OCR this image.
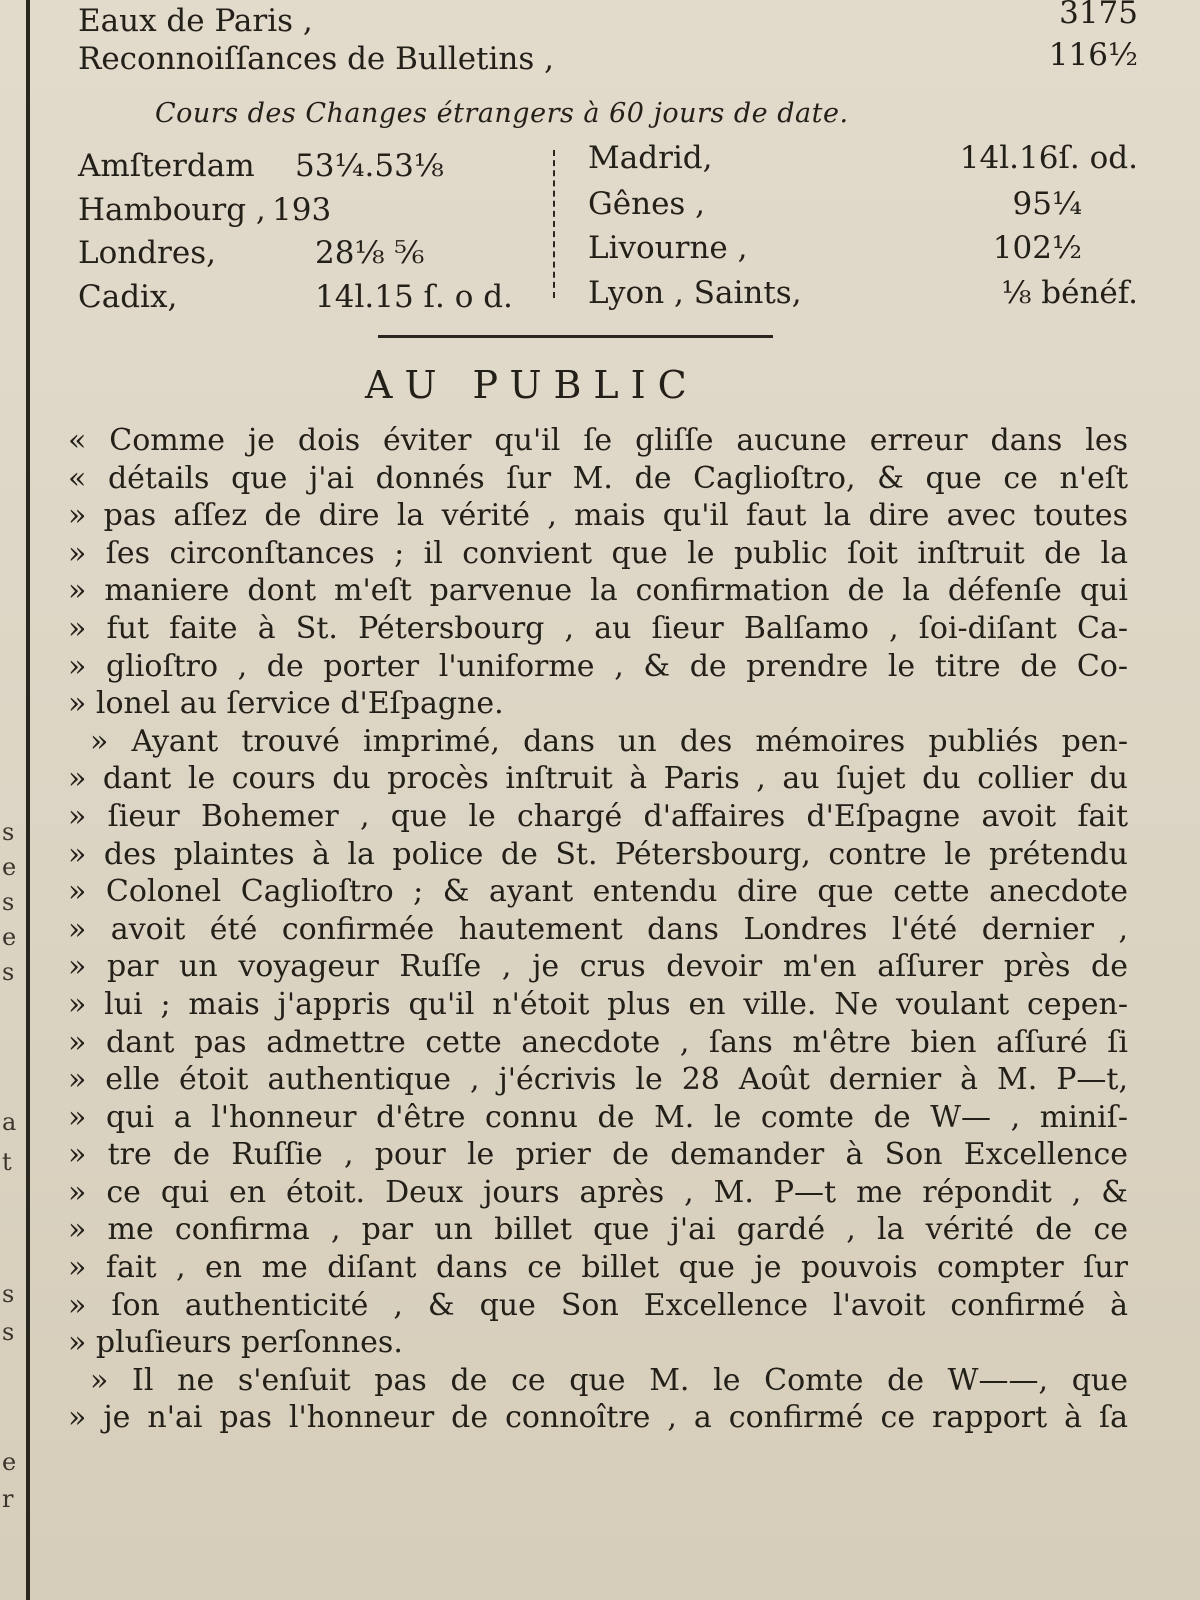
s
e
s
e
s
a
t
s
s
e
r
Eaux de Paris ,	3175
Reconnoiſſances de Bulletins ,	116½
Cours des Changes étrangers à 60 jours de date.
Amſterdam 53¼.53⅛
Hambourg , 193
Londres,	28⅛ ⅚
Cadix,	14l.15 ſ. o d.
Madrid,	14l.16ſ. od.
Gênes ,	95¼
Livourne ,	102½
Lyon , Saints,	⅛ bénéf.
AU PUBLIC
« Comme je dois éviter qu'il ſe gliſſe aucune erreur dans les
« détails que j'ai donnés ſur M. de Caglioſtro, & que ce n'eſt
» pas aſſez de dire la vérité , mais qu'il faut la dire avec toutes
» ſes circonſtances ; il convient que le public ſoit inſtruit de la
» maniere dont m'eſt parvenue la confirmation de la défenſe qui
» fut faite à St. Pétersbourg , au ſieur Balſamo , ſoi-diſant Ca-
» glioſtro , de porter l'uniforme , & de prendre le titre de Co-
» lonel au ſervice d'Eſpagne.
» Ayant trouvé imprimé, dans un des mémoires publiés pen-
» dant le cours du procès inſtruit à Paris , au ſujet du collier du
» ſieur Bohemer , que le chargé d'affaires d'Eſpagne avoit fait
» des plaintes à la police de St. Pétersbourg, contre le prétendu
» Colonel Caglioſtro ; & ayant entendu dire que cette anecdote
» avoit été confirmée hautement dans Londres l'été dernier ,
» par un voyageur Ruſſe , je crus devoir m'en aſſurer près de
» lui ; mais j'appris qu'il n'étoit plus en ville. Ne voulant cepen-
» dant pas admettre cette anecdote , ſans m'être bien aſſuré ſi
» elle étoit authentique , j'écrivis le 28 Août dernier à M. P—t,
» qui a l'honneur d'être connu de M. le comte de W— , miniſ-
» tre de Ruſſie , pour le prier de demander à Son Excellence
» ce qui en étoit. Deux jours après , M. P—t me répondit , &
» me confirma , par un billet que j'ai gardé , la vérité de ce
» fait , en me diſant dans ce billet que je pouvois compter ſur
» ſon authenticité , & que Son Excellence l'avoit confirmé à
» pluſieurs perſonnes.
» Il ne s'enſuit pas de ce que M. le Comte de W——, que
» je n'ai pas l'honneur de connoître , a confirmé ce rapport à ſa
